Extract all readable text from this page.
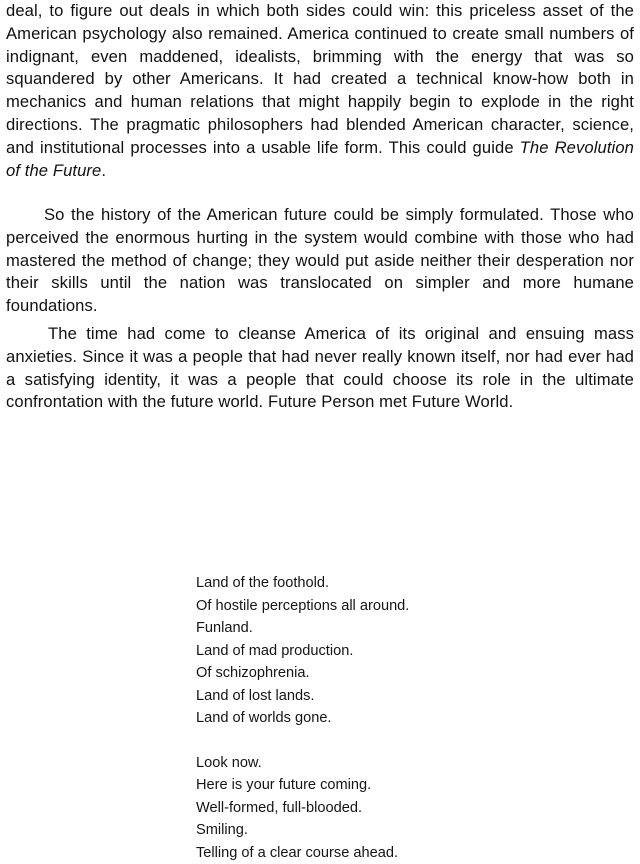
deal, to figure out deals in which both sides could win: this priceless asset of the American psychology also remained. America continued to create small numbers of indignant, even maddened, idealists, brimming with the energy that was so squandered by other Americans. It had created a technical know-how both in mechanics and human relations that might happily begin to explode in the right directions. The pragmatic philosophers had blended American character, science, and institutional processes into a usable life form. This could guide The Revolution of the Future.

So the history of the American future could be simply formulated. Those who perceived the enormous hurting in the system would combine with those who had mastered the method of change; they would put aside neither their desperation nor their skills until the nation was translocated on simpler and more humane foundations.

The time had come to cleanse America of its original and ensuing mass anxieties. Since it was a people that had never really known itself, nor had ever had a satisfying identity, it was a people that could choose its role in the ultimate confrontation with the future world. Future Person met Future World.

Land of the foothold.
Of hostile perceptions all around.
Funland.
Land of mad production.
Of schizophrenia.
Land of lost lands.
Land of worlds gone.
Look now.
Here is your future coming.
Well-formed, full-blooded.
Smiling.
Telling of a clear course ahead.
